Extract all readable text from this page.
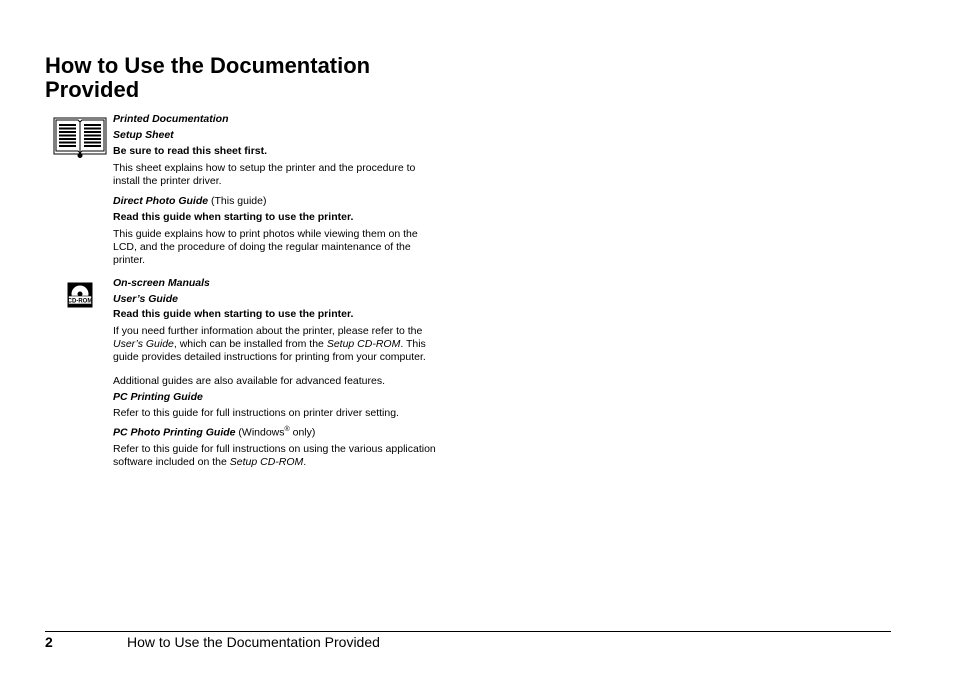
How to Use the Documentation
Provided
CD-ROM

Printed Documentation

Setup Sheet

Be sure to read this sheet first.

This sheet explains how to setup the printer and the procedure to
install the printer driver.

Direct Photo Guide (This guide)

Read this guide when starting to use the printer.

This guide explains how to print photos while viewing them on the
LCD, and the procedure of doing the regular maintenance of the
printer.

On-screen Manuals

User’s Guide

Read this guide when starting to use the printer.

If you need further information about the printer, please refer to the
User’s Guide, which can be installed from the Setup CD-ROM. This
guide provides detailed instructions for printing from your computer.

Additional guides are also available for advanced features.

PC Printing Guide

Refer to this guide for full instructions on printer driver setting.

PC Photo Printing Guide (Windows® only)

Refer to this guide for full instructions on using the various application
software included on the Setup CD-ROM.

2	How to Use the Documentation Provided
